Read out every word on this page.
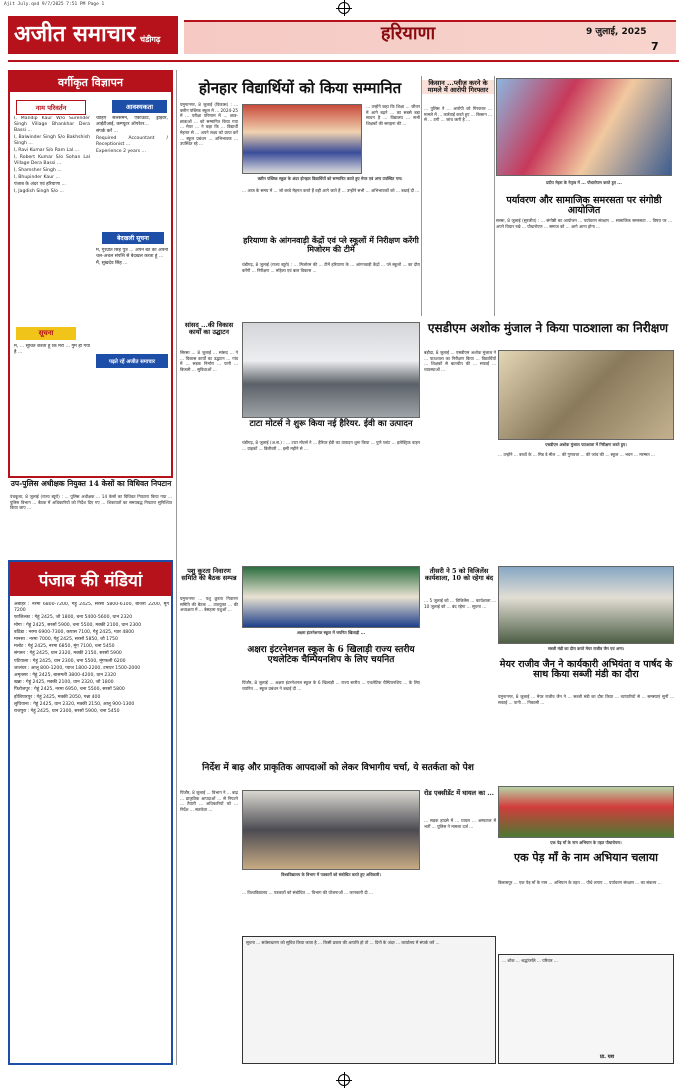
Ajit July.qxd 9/7/2025 7:51 PM Page 1
अजीत समाचार चंडीगढ़	हरियाणा	9 जुलाई, 2025
7
वर्गीकृत विज्ञापन
नाम परिवर्तन	आवश्यकता

I, Mandip Kaur W/o Surender Singh Village Bhankhar Dera Bassi ...

I, Balwinder Singh S/o Bakhshish Singh ...

I, Ravi Kumar S/o Ram Lal ...

I, Robert Kumar S/o Sohan Lal Village Dera Bassi ...

I, Shamsher Singh ...

I, Bhupinder Kaur ...

पंजाब के अंदर एवं हरियाणा ...

I, Jagdish Singh S/o ...

चाहिए सैलेसमैन, एकाउंटेंट, ड्राइवर, आईटीआई, कम्प्यूटर ऑपरेटर...

संपर्क करें ...

Required Accountant / Receptionist ...

Experience 2 years ...

बेदखली सूचना

मैं, गुरप्रीत सिंह पुत्र ... अपने बेटे को अपनी चल-अचल संपत्ति से बेदखल करता हूं ...

मैं, सुखदेव सिंह ...

सूचना
पढ़ते रहें अजीत समाचार

मैं, ... सूचित करता हूं कि मेरा ... गुम हो गया है ...

उप-पुलिस अधीक्षक नियुक्त 14 केसों का विधिवत निपटान
पंचकूला, 8 जुलाई (राज्य ब्यूरो) : ... पुलिस अधीक्षक ... 14 केसों का विधिवत निपटारा किया गया ... पुलिस विभाग ... बैठक में अधिकारियों को निर्देश दिए गए ... शिकायतों का समयबद्ध निपटारा सुनिश्चित किया जाए ...
पंजाब की मंडियां

अबोहर : नरमा 6800-7200, गेहूं 2425, सरसों 5800-6100, बाजरा 2200, मूंग 7200

फाजिल्का : गेहूं 2425, जौ 1800, चना 5400-5600, धान 2320

मोगा : गेहूं 2425, सरसों 5900, चना 5500, मक्की 2100, धान 2300

बठिंडा : नरमा 6900-7300, कपास 7100, गेहूं 2425, ग्वार 4800

मानसा : नरमा 7000, गेहूं 2425, सरसों 5850, जौ 1750

मलोट : गेहूं 2425, नरमा 6850, मूंग 7100, चना 5450

संगरूर : गेहूं 2425, धान 2320, मक्की 2150, सरसों 5900

पटियाला : गेहूं 2425, धान 2300, चना 5500, मूंगफली 6200

जालंधर : आलू 800-1200, प्याज 1800-2200, टमाटर 1500-2000

अमृतसर : गेहूं 2425, बासमती 3800-4200, धान 2320

खन्ना : गेहूं 2425, मक्की 2100, धान 2320, जौ 1800

फिरोजपुर : गेहूं 2425, नरमा 6950, चना 5500, सरसों 5800

होशियारपुर : गेहूं 2425, मक्की 2050, गन्ना 400

लुधियाना : गेहूं 2425, धान 2320, मक्की 2150, आलू 900-1300

राजपुरा : गेहूं 2425, धान 2300, सरसों 5900, चना 5450

होनहार विद्यार्थियों को किया सम्मानित
यमुनानगर, 8 जुलाई (विकास) : ... क्लीन पब्लिक स्कूल में ... 2024-25 में ... परीक्षा परिणाम में ... छात्र-छात्राओं ... को सम्मानित किया गया ... मेयर ... ने कहा कि ... विद्यार्थी मेहनत से ... अपने लक्ष्य को प्राप्त करें ... स्कूल प्रबंधन ... अभिभावक ... उपस्थित रहे ...
क्लीन पब्लिक स्कूल के अंदर होनहार विद्यार्थियों को सम्मानित करते हुए मेयर एवं अन्य उपस्थित गण।
... उन्होंने कहा कि शिक्षा ... जीवन में आगे बढ़ने ... का सबसे बड़ा साधन है ... विद्यालय ... सभी शिक्षकों की सराहना की ...
... आज के समय में ... जो बच्चे मेहनत करते हैं वही आगे जाते हैं ... उन्होंने सभी ... अभिभावकों को ... बधाई दी ...
हरियाणा के आंगनवाड़ी केंद्रों एवं प्ले स्कूलों में निरीक्षण करेंगी मिजोरम की टीमें
चंडीगढ़, 8 जुलाई (राज्य ब्यूरो) : ... मिजोरम की ... टीमें हरियाणा के ... आंगनवाड़ी केंद्रों ... प्ले स्कूलों ... का दौरा करेंगी ... निरीक्षण ... महिला एवं बाल विकास ...
किसान ...प्लीज़ करने के मामले में आरोपी गिरफ्तार
... पुलिस ने ... आरोपी को गिरफ्तार ... मामले में ... कार्रवाई करते हुए ... किसान ... से ... ठगी ... जांच जारी है ...
प्रदीप मेहरा के नेतृत्व में ... पौधारोपण करते हुए ...
पर्यावरण और सामाजिक समरसता पर संगोष्ठी आयोजित
सरसा, 8 जुलाई (सुरजीत) : ... संगोष्ठी का आयोजन ... पर्यावरण संरक्षण ... सामाजिक समरसता ... विषय पर ... अपने विचार रखे ... पौधारोपण ... समाज को ... आगे आना होगा ...
सांसद ...की विकास कार्यों का उद्घाटन
सिरसा ... 8 जुलाई ... सांसद ... ने ... विकास कार्यों का उद्घाटन ... गांव में ... सड़क निर्माण ... पानी ... बिजली ... सुविधाओं ...
टाटा मोटर्स ने शुरू किया नई हैरियर. ईवी का उत्पादन
चंडीगढ़, 8 जुलाई (अ.स.) : ... टाटा मोटर्स ने ... हैरियर ईवी का उत्पादन शुरू किया ... पुणे प्लांट ... इलेक्ट्रिक वाहन ... ग्राहकों ... डिलीवरी ... इसी महीने से ...
एसडीएम अशोक मुंजाल ने किया पाठशाला का निरीक्षण
बड़ौदा, 8 जुलाई ... एसडीएम अशोक मुंजाल ने ... पाठशाला का निरीक्षण किया ... विद्यार्थियों ... शिक्षकों से बातचीत की ... सफाई ... व्यवस्थाओं ...
एसडीएम अशोक मुंजाल पाठशाला में निरीक्षण करते हुए।
... उन्होंने ... बच्चों के ... मिड डे मील ... की गुणवत्ता ... की जांच की ... स्कूल ... भवन ... मरम्मत ...
पशु कुरता निवारण समिति की बैठक सम्पन्न
यमुनानगर ... पशु क्रूरता निवारण समिति की बैठक ... उपायुक्त ... की अध्यक्षता में ... बेसहारा पशुओं ...
अक्षरा इंटरनेशनल स्कूल में चयनित खिलाड़ी ...
अक्षरा इंटरनेशनल स्कूल के 6 खिलाड़ी राज्य स्तरीय एथलेटिक चैम्पियनशिप के लिए चयनित
पिंजौर, 8 जुलाई ... अक्षरा इंटरनेशनल स्कूल के 6 खिलाड़ी ... राज्य स्तरीय ... एथलेटिक चैम्पियनशिप ... के लिए चयनित ... स्कूल प्रबंधन ने बधाई दी ...
तीसरी ने 5 को विजिलेंस कार्यशाला, 10 को रहेगा बंद
... 5 जुलाई को ... विजिलेंस ... कार्यशाला ... 10 जुलाई को ... बंद रहेगा ... सूचना ...
सब्जी मंडी का दौरा करते मेयर राजीव जैन एवं अन्य।
मेयर राजीव जैन ने कार्यकारी अभियंता व पार्षद के साथ किया सब्जी मंडी का दौरा
यमुनानगर, 8 जुलाई ... मेयर राजीव जैन ने ... सब्जी मंडी का दौरा किया ... व्यापारियों से ... समस्याएं सुनीं ... सफाई ... पानी ... निकासी ...
निर्देश में बाढ़ और प्राकृतिक आपदाओं को लेकर विभागीय चर्चा, ये सतर्कता को पेश
पिंजौर, 8 जुलाई ... विभाग ने ... बाढ़ ... प्राकृतिक आपदाओं ... से निपटने ... तैयारी ... अधिकारियों को ... निर्देश ... सतर्कता ...
विश्वविद्यालय के विभाग में पत्रकारों को संबोधित करते हुए अधिकारी।
... विश्वविद्यालय ... पत्रकारों को संबोधित ... विभाग की योजनाओं ... जानकारी दी ...
सूचना ... सर्वसाधारण को सूचित किया जाता है ... किसी प्रकार की आपत्ति हो तो ... दिनों के अंदर ... कार्यालय में संपर्क करें ...
रोड एक्सीडेंट में घायल का ...
... सड़क हादसे में ... घायल ... अस्पताल में भर्ती ... पुलिस ने मामला दर्ज ...
एक पेड़ माँ के नाम अभियान के तहत पौधारोपण।
एक पेड़ माँ के नाम अभियान चलाया
बिलासपुर ... एक पेड़ माँ के नाम ... अभियान के तहत ... पौधे लगाए ... पर्यावरण संरक्षण ... का संकल्प ...
... शोक ... श्रद्धांजलि ... परिवार ...
प्रा. यश
